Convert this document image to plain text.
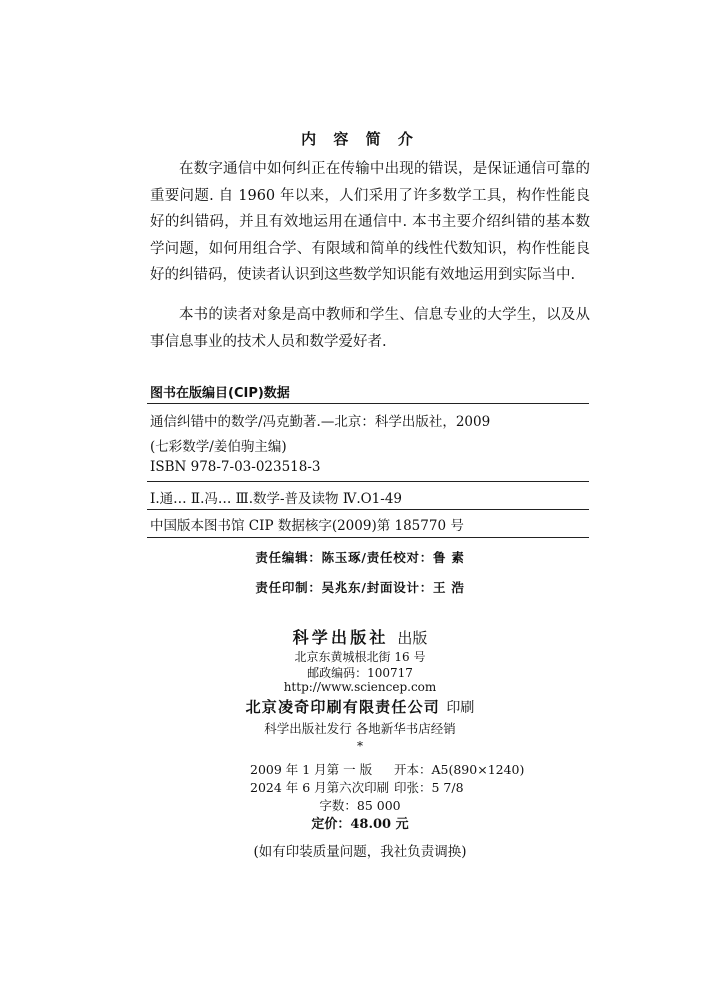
内 容 简 介
在数字通信中如何纠正在传输中出现的错误，是保证通信可靠的重要问题. 自 1960 年以来，人们采用了许多数学工具，构作性能良好的纠错码，并且有效地运用在通信中. 本书主要介绍纠错的基本数学问题，如何用组合学、有限域和简单的线性代数知识，构作性能良好的纠错码，使读者认识到这些数学知识能有效地运用到实际当中.
本书的读者对象是高中教师和学生、信息专业的大学生，以及从事信息事业的技术人员和数学爱好者.
图书在版编目(CIP)数据
通信纠错中的数学/冯克勤著.—北京：科学出版社，2009
(七彩数学/姜伯驹主编)
ISBN 978-7-03-023518-3
Ⅰ.通… Ⅱ.冯… Ⅲ.数学-普及读物 Ⅳ.O1-49
中国版本图书馆 CIP 数据核字(2009)第 185770 号
责任编辑：陈玉琢/责任校对：鲁 素
责任印制：吴兆东/封面设计：王 浩
科学出版社 出版
北京东黄城根北街 16 号
邮政编码：100717
http://www.sciencep.com
北京凌奇印刷有限责任公司 印刷
科学出版社发行 各地新华书店经销
*
2009 年 1 月第 一 版 开本：A5(890×1240)
2024 年 6 月第六次印刷 印张：5 7/8
字数：85 000
定价：48.00 元
(如有印装质量问题，我社负责调换)
